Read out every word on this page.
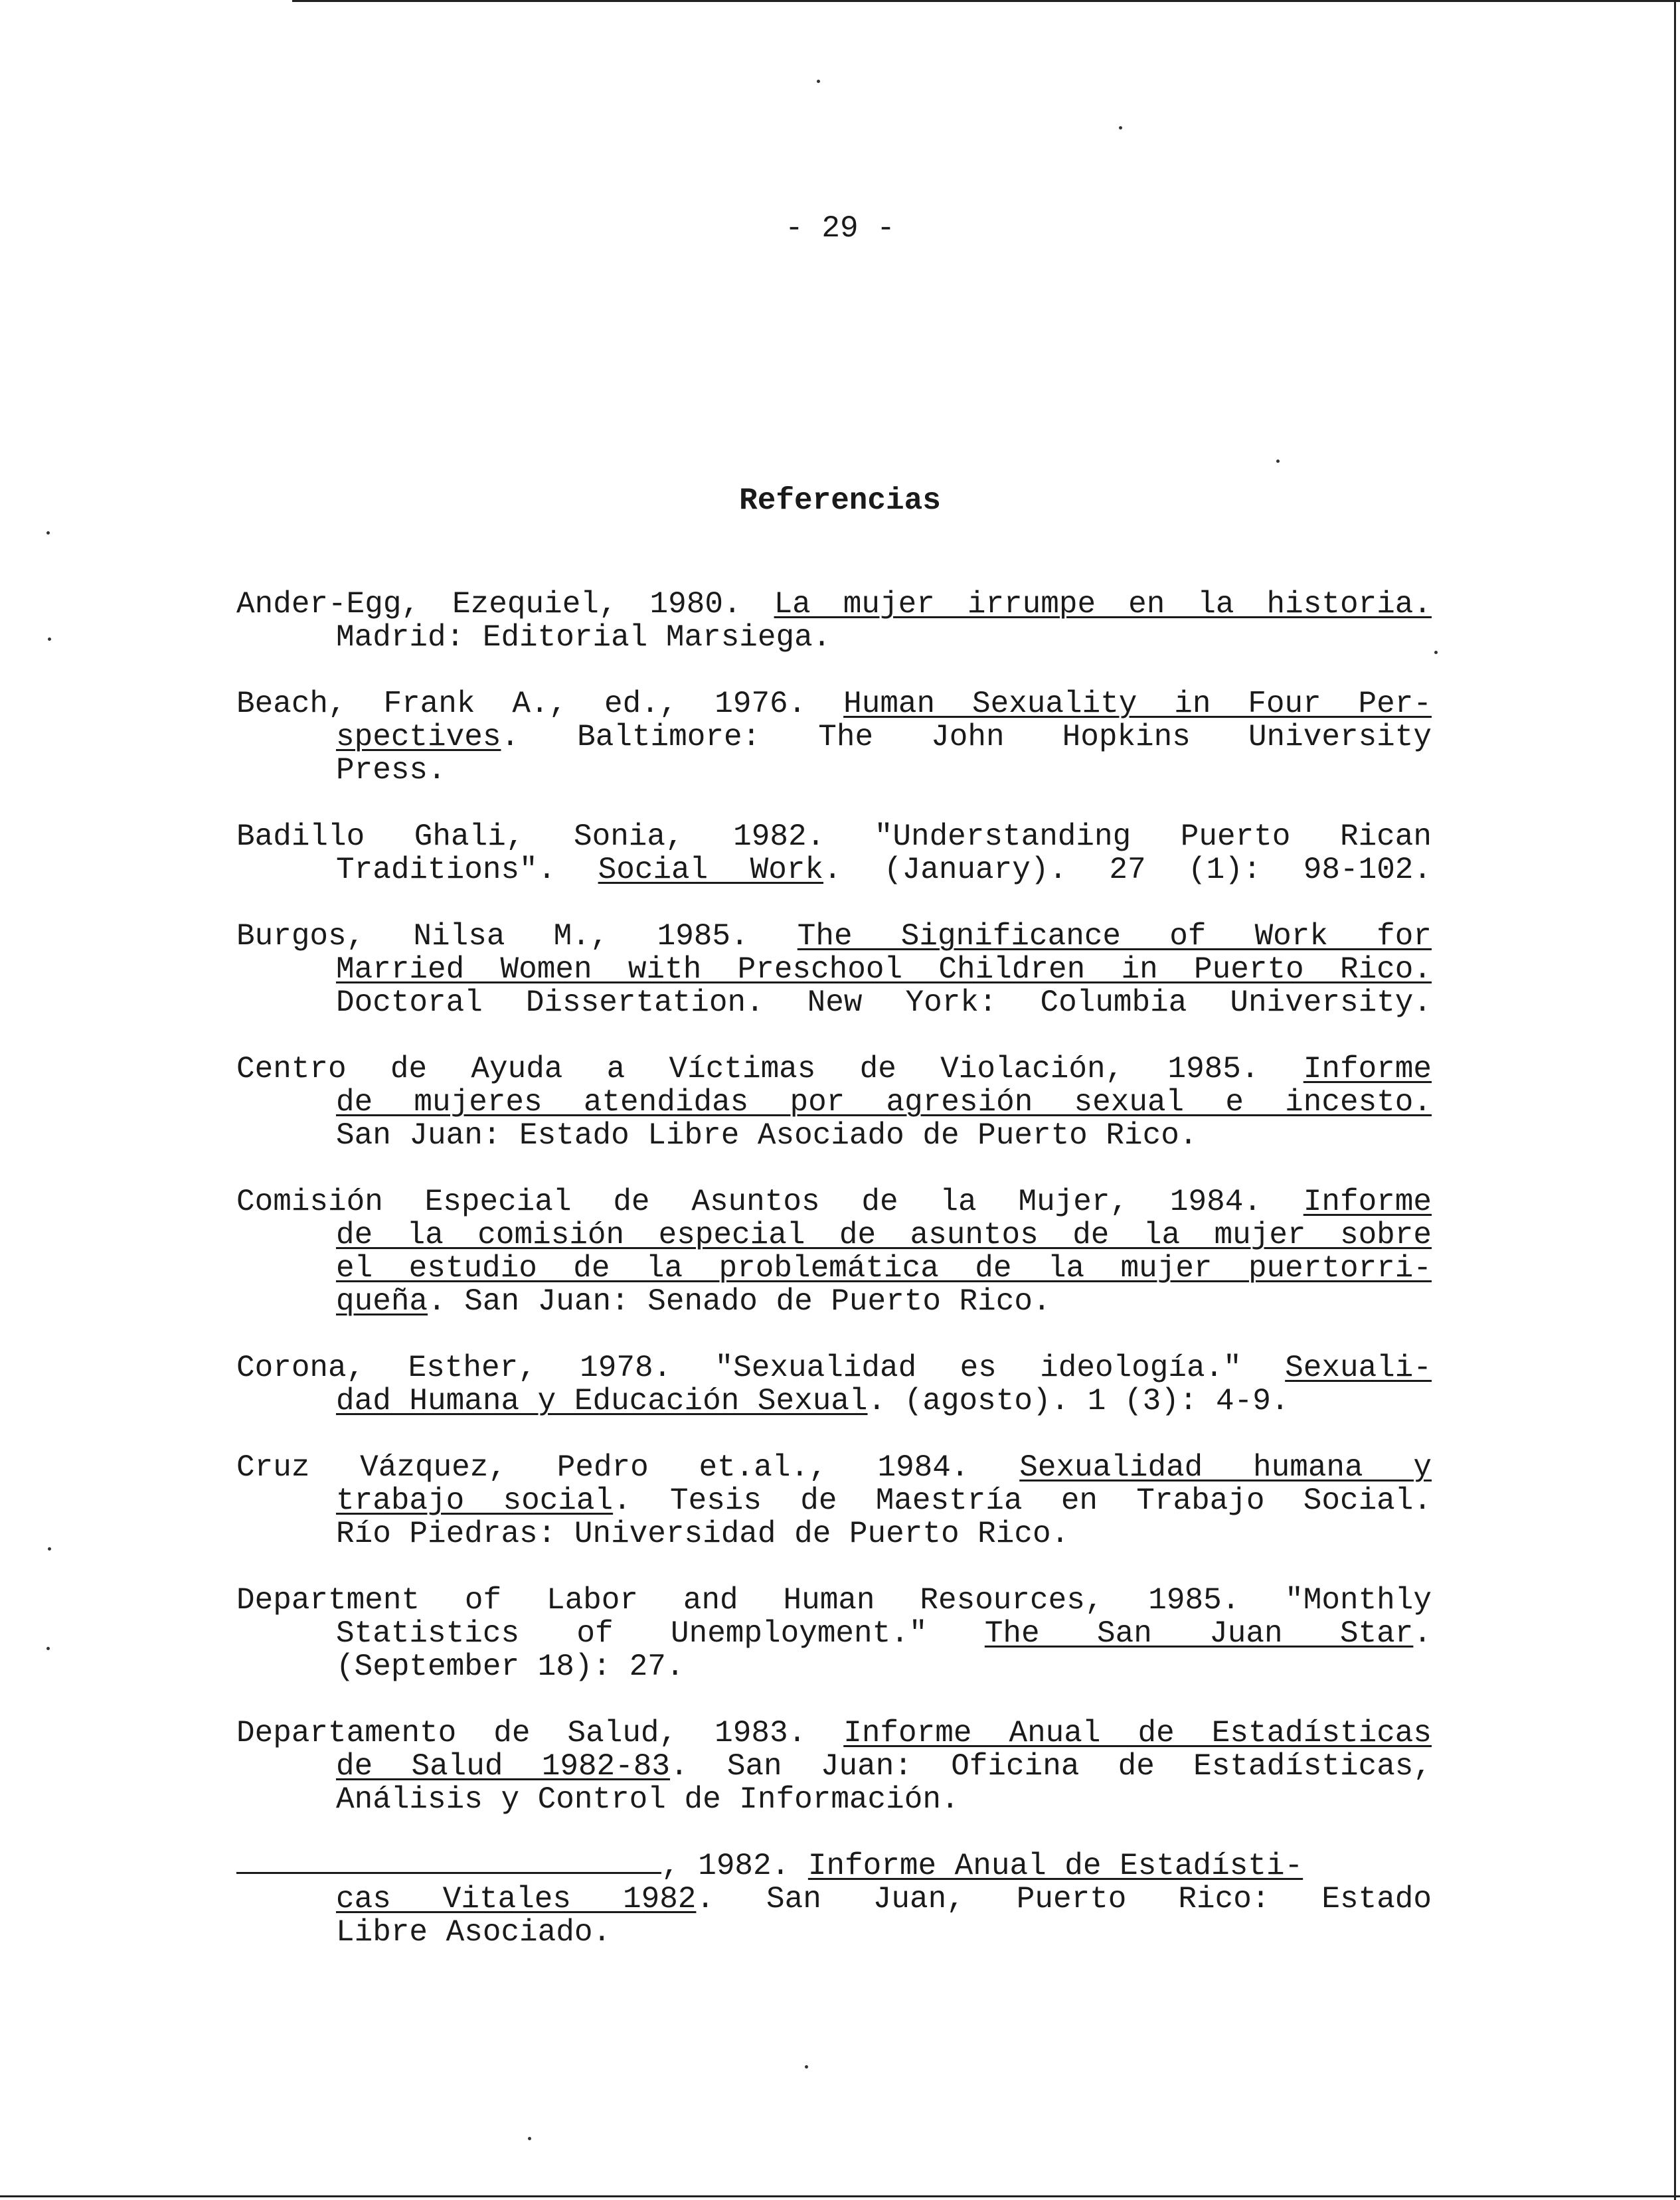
- 29 -
Referencias
Ander-Egg, Ezequiel, 1980. La mujer irrumpe en la historia.
Madrid: Editorial Marsiega.
Beach, Frank A., ed., 1976. Human Sexuality in Four Per-
spectives. Baltimore: The John Hopkins University
Press.
Badillo Ghali, Sonia, 1982. "Understanding Puerto Rican
Traditions". Social Work. (January). 27 (1): 98-102.
Burgos, Nilsa M., 1985. The Significance of Work for
Married Women with Preschool Children in Puerto Rico.
Doctoral Dissertation. New York: Columbia University.
Centro de Ayuda a Víctimas de Violación, 1985. Informe
de mujeres atendidas por agresión sexual e incesto.
San Juan: Estado Libre Asociado de Puerto Rico.
Comisión Especial de Asuntos de la Mujer, 1984. Informe
de la comisión especial de asuntos de la mujer sobre
el estudio de la problemática de la mujer puertorri-
queña. San Juan: Senado de Puerto Rico.
Corona, Esther, 1978. "Sexualidad es ideología." Sexuali-
dad Humana y Educación Sexual. (agosto). 1 (3): 4-9.
Cruz Vázquez, Pedro et.al., 1984. Sexualidad humana y
trabajo social. Tesis de Maestría en Trabajo Social.
Río Piedras: Universidad de Puerto Rico.
Department of Labor and Human Resources, 1985. "Monthly
Statistics of Unemployment." The San Juan Star.
(September 18): 27.
Departamento de Salud, 1983. Informe Anual de Estadísticas
de Salud 1982-83. San Juan: Oficina de Estadísticas,
Análisis y Control de Información.
, 1982. Informe Anual de Estadísti-
cas Vitales 1982. San Juan, Puerto Rico: Estado
Libre Asociado.
